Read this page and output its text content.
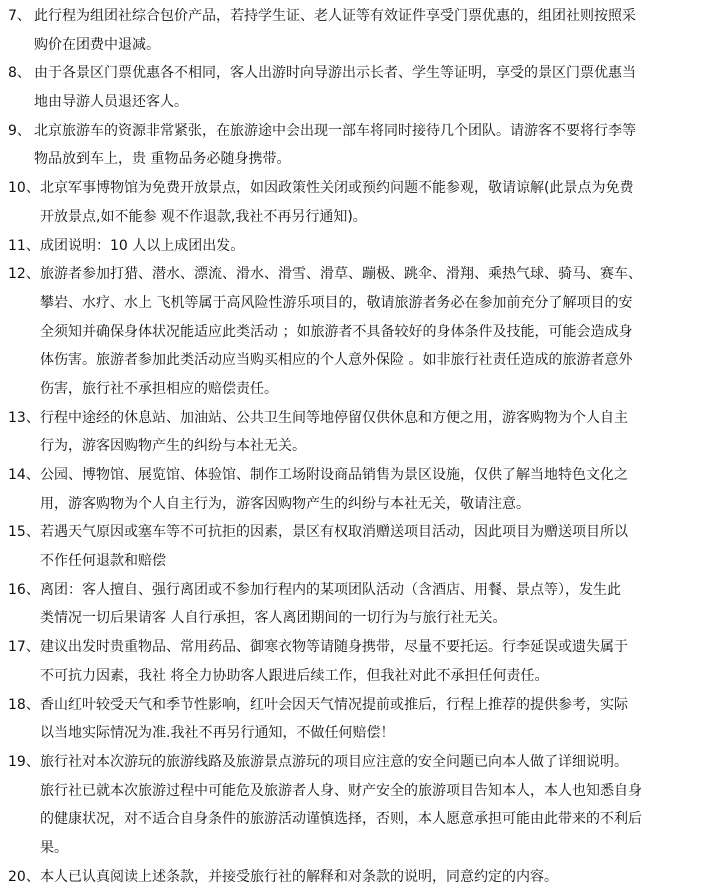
7、 此行程为组团社综合包价产品，若持学生证、老人证等有效证件享受门票优惠的，组团社则按照采
购价在团费中退减。
8、 由于各景区门票优惠各不相同，客人出游时向导游出示长者、学生等证明，享受的景区门票优惠当
地由导游人员退还客人。
9、 北京旅游车的资源非常紧张，在旅游途中会出现一部车将同时接待几个团队。请游客不要将行李等
物品放到车上，贵 重物品务必随身携带。
10、 北京军事博物馆为免费开放景点，如因政策性关闭或预约问题不能参观，敬请谅解(此景点为免费
开放景点,如不能参 观不作退款,我社不再另行通知)。
11、 成团说明：10 人以上成团出发。
12、 旅游者参加打猎、潜水、漂流、滑水、滑雪、滑草、蹦极、跳伞、滑翔、乘热气球、骑马、赛车、
攀岩、水疗、水上 飞机等属于高风险性游乐项目的，敬请旅游者务必在参加前充分了解项目的安
全须知并确保身体状况能适应此类活动 ；如旅游者不具备较好的身体条件及技能，可能会造成身
体伤害。旅游者参加此类活动应当购买相应的个人意外保险 。如非旅行社责任造成的旅游者意外
伤害，旅行社不承担相应的赔偿责任。
13、 行程中途经的休息站、加油站、公共卫生间等地停留仅供休息和方便之用，游客购物为个人自主
行为，游客因购物产生的纠纷与本社无关。
14、 公园、博物馆、展览馆、体验馆、制作工场附设商品销售为景区设施，仅供了解当地特色文化之
用，游客购物为个人自主行为，游客因购物产生的纠纷与本社无关，敬请注意。
15、 若遇天气原因或塞车等不可抗拒的因素，景区有权取消赠送项目活动，因此项目为赠送项目所以
不作任何退款和赔偿
16、 离团：客人擅自、强行离团或不参加行程内的某项团队活动（含酒店、用餐、景点等），发生此
类情况一切后果请客 人自行承担，客人离团期间的一切行为与旅行社无关。
17、 建议出发时贵重物品、常用药品、御寒衣物等请随身携带，尽量不要托运。行李延误或遗失属于
不可抗力因素，我社 将全力协助客人跟进后续工作，但我社对此不承担任何责任。
18、 香山红叶较受天气和季节性影响，红叶会因天气情况提前或推后，行程上推荐的提供参考，实际
以当地实际情况为准.我社不再另行通知，不做任何赔偿！
19、 旅行社对本次游玩的旅游线路及旅游景点游玩的项目应注意的安全问题已向本人做了详细说明。
旅行社已就本次旅游过程中可能危及旅游者人身、财产安全的旅游项目告知本人，本人也知悉自身
的健康状况，对不适合自身条件的旅游活动谨慎选择，否则，本人愿意承担可能由此带来的不利后
果。
20、 本人已认真阅读上述条款，并接受旅行社的解释和对条款的说明，同意约定的内容。
